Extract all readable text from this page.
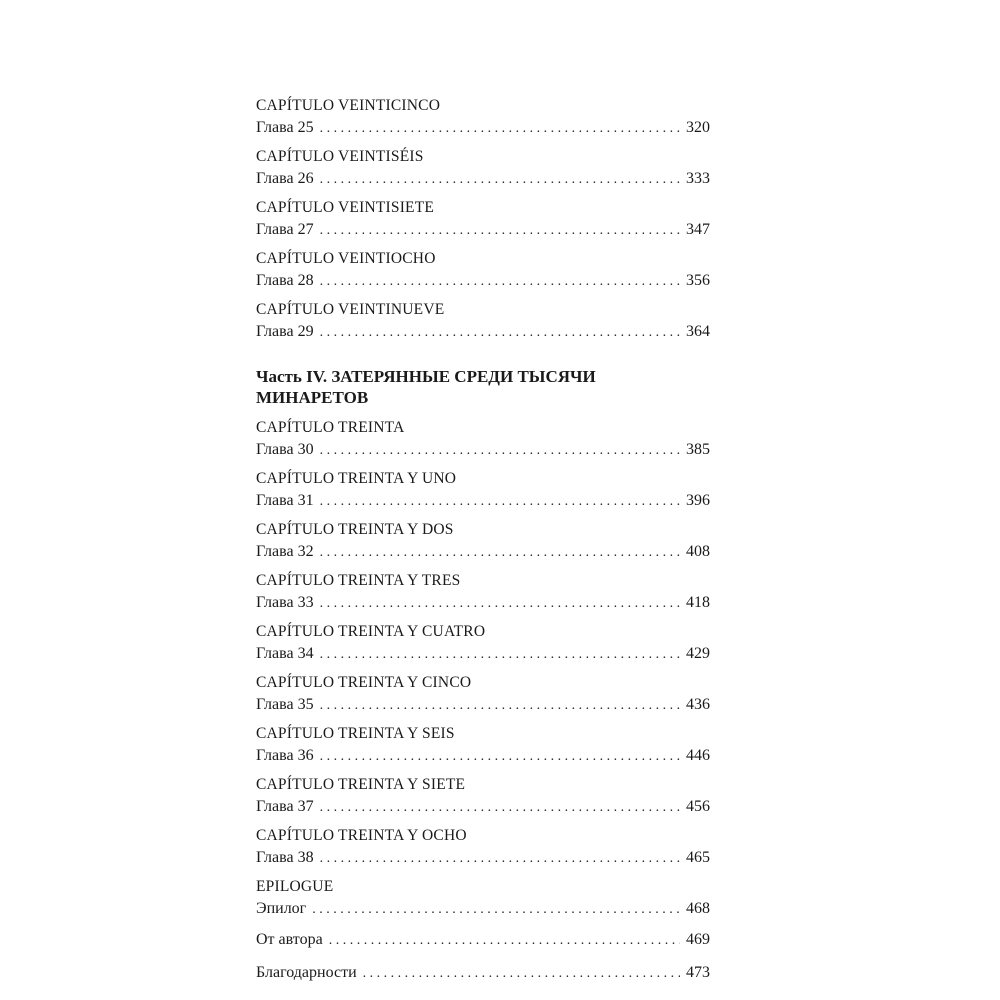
CAPÍTULO VEINTICINCO
Глава 25 . . .	320
CAPÍTULO VEINTISÉIS
Глава 26 . . .	333
CAPÍTULO VEINTISIETE
Глава 27 . . .	347
CAPÍTULO VEINTIOCHO
Глава 28 . . .	356
CAPÍTULO VEINTINUEVE
Глава 29 . . .	364
Часть IV. ЗАТЕРЯННЫЕ СРЕДИ ТЫСЯЧИ МИНАРЕТОВ
CAPÍTULO TREINTA
Глава 30 . . .	385
CAPÍTULO TREINTA Y UNO
Глава 31 . . .	396
CAPÍTULO TREINTA Y DOS
Глава 32 . . .	408
CAPÍTULO TREINTA Y TRES
Глава 33 . . .	418
CAPÍTULO TREINTA Y CUATRO
Глава 34 . . .	429
CAPÍTULO TREINTA Y CINCO
Глава 35 . . .	436
CAPÍTULO TREINTA Y SEIS
Глава 36 . . .	446
CAPÍTULO TREINTA Y SIETE
Глава 37 . . .	456
CAPÍTULO TREINTA Y OCHO
Глава 38 . . .	465
EPILOGUE
Эпилог . . .	468
От автора . . .	469
Благодарности . . .	473
